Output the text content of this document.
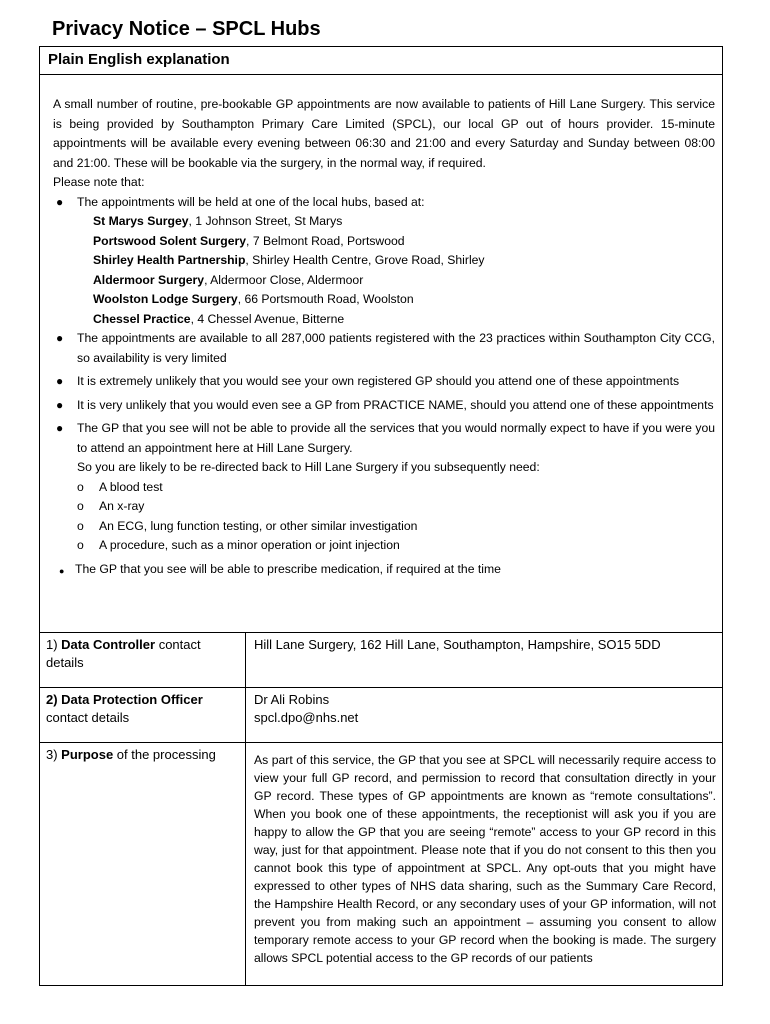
Privacy Notice – SPCL Hubs
Plain English explanation

A small number of routine, pre-bookable GP appointments are now available to patients of Hill Lane Surgery. This service is being provided by Southampton Primary Care Limited (SPCL), our local GP out of hours provider. 15-minute appointments will be available every evening between 06:30 and 21:00 and every Saturday and Sunday between 08:00 and 21:00. These will be bookable via the surgery, in the normal way, if required.

Please note that:
● The appointments will be held at one of the local hubs, based at:
St Marys Surgey, 1 Johnson Street, St Marys
Portswood Solent Surgery, 7 Belmont Road, Portswood
Shirley Health Partnership, Shirley Health Centre, Grove Road, Shirley
Aldermoor Surgery, Aldermoor Close, Aldermoor
Woolston Lodge Surgery, 66 Portsmouth Road, Woolston
Chessel Practice, 4 Chessel Avenue, Bitterne
● The appointments are available to all 287,000 patients registered with the 23 practices within Southampton City CCG, so availability is very limited
● It is extremely unlikely that you would see your own registered GP should you attend one of these appointments
● It is very unlikely that you would even see a GP from PRACTICE NAME, should you attend one of these appointments
● The GP that you see will not be able to provide all the services that you would normally expect to have if you were you to attend an appointment here at Hill Lane Surgery.
So you are likely to be re-directed back to Hill Lane Surgery if you subsequently need:
o A blood test
o An x-ray
o An ECG, lung function testing, or other similar investigation
o A procedure, such as a minor operation or joint injection
● The GP that you see will be able to prescribe medication, if required at the time
1) Data Controller contact details
Hill Lane Surgery, 162 Hill Lane, Southampton, Hampshire, SO15 5DD
2) Data Protection Officer
contact details
Dr Ali Robins
spcl.dpo@nhs.net
3) Purpose of the processing	As part of this service, the GP that you see at SPCL will necessarily require access to view your full GP record, and permission to record that consultation directly in your GP record. These types of GP appointments are known as “remote consultations”. When you book one of these appointments, the receptionist will ask you if you are happy to allow the GP that you are seeing “remote” access to your GP record in this way, just for that appointment. Please note that if you do not consent to this then you cannot book this type of appointment at SPCL. Any opt-outs that you might have expressed to other types of NHS data sharing, such as the Summary Care Record, the Hampshire Health Record, or any secondary uses of your GP information, will not prevent you from making such an appointment – assuming you consent to allow temporary remote access to your GP record when the booking is made. The surgery allows SPCL potential access to the GP records of our patients
